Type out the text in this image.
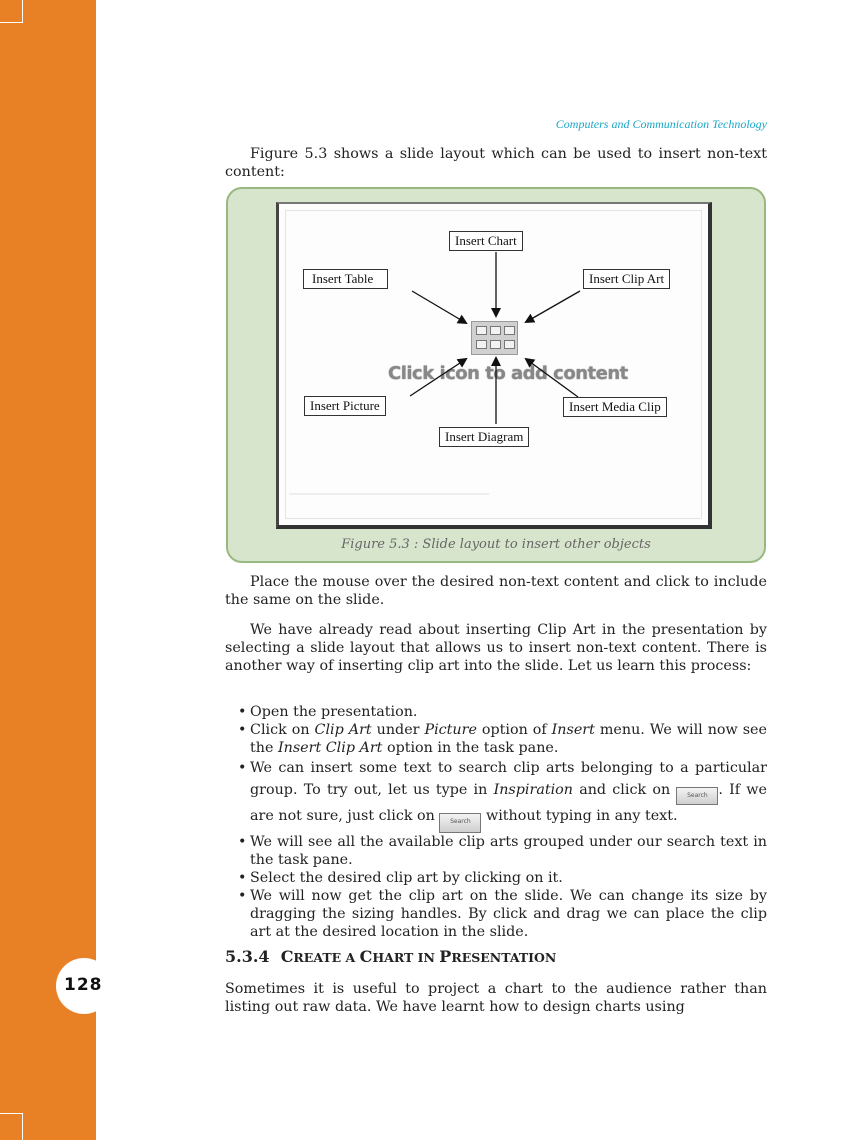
128
Computers and Communication Technology

Figure 5.3 shows a slide layout which can be used to insert non-text content:

Click icon to add content
Insert Chart
Insert Table	Insert Clip Art
Insert Picture	Insert Media Clip
Insert Diagram
Figure 5.3 : Slide layout to insert other objects

Place the mouse over the desired non-text content and click to include the same on the slide.

We have already read about inserting Clip Art in the presentation by selecting a slide layout that allows us to insert non-text content. There is another way of inserting clip art into the slide. Let us learn this process:

• Open the presentation.
• Click on Clip Art under Picture option of Insert menu. We will now see the Insert Clip Art option in the task pane.
• We can insert some text to search clip arts belonging to a particular group. To try out, let us type in Inspiration and click on Search . If we are not sure, just click on Search without typing in any text.
• We will see all the available clip arts grouped under our search text in the task pane.
• Select the desired clip art by clicking on it.
• We will now get the clip art on the slide. We can change its size by dragging the sizing handles. By click and drag we can place the clip art at the desired location in the slide.
5.3.4 CREATE A CHART IN PRESENTATION

Sometimes it is useful to project a chart to the audience rather than listing out raw data. We have learnt how to design charts using
